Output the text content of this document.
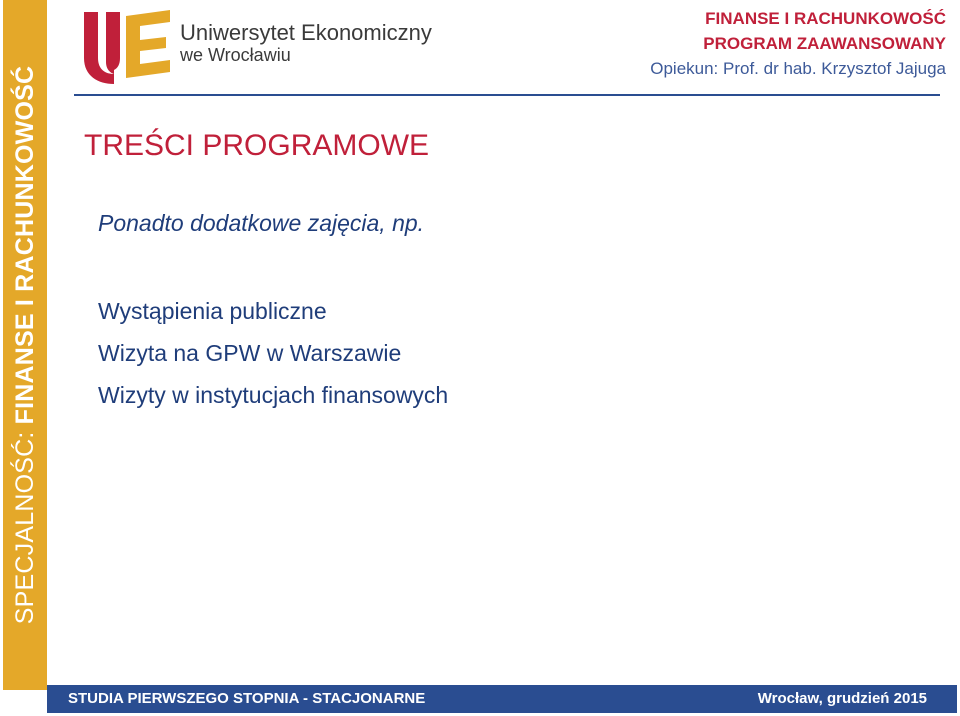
SPECJALNOŚĆ: FINANSE I RACHUNKOWOŚĆ
Uniwersytet Ekonomiczny
we Wrocławiu
FINANSE I RACHUNKOWOŚĆ
PROGRAM ZAAWANSOWANY
Opiekun: Prof. dr hab. Krzysztof Jajuga
TREŚCI PROGRAMOWE
Ponadto dodatkowe zajęcia, np.
Wystąpienia publiczne
Wizyta na GPW w Warszawie
Wizyty w instytucjach finansowych
STUDIA PIERWSZEGO STOPNIA - STACJONARNE	Wrocław, grudzień 2015
